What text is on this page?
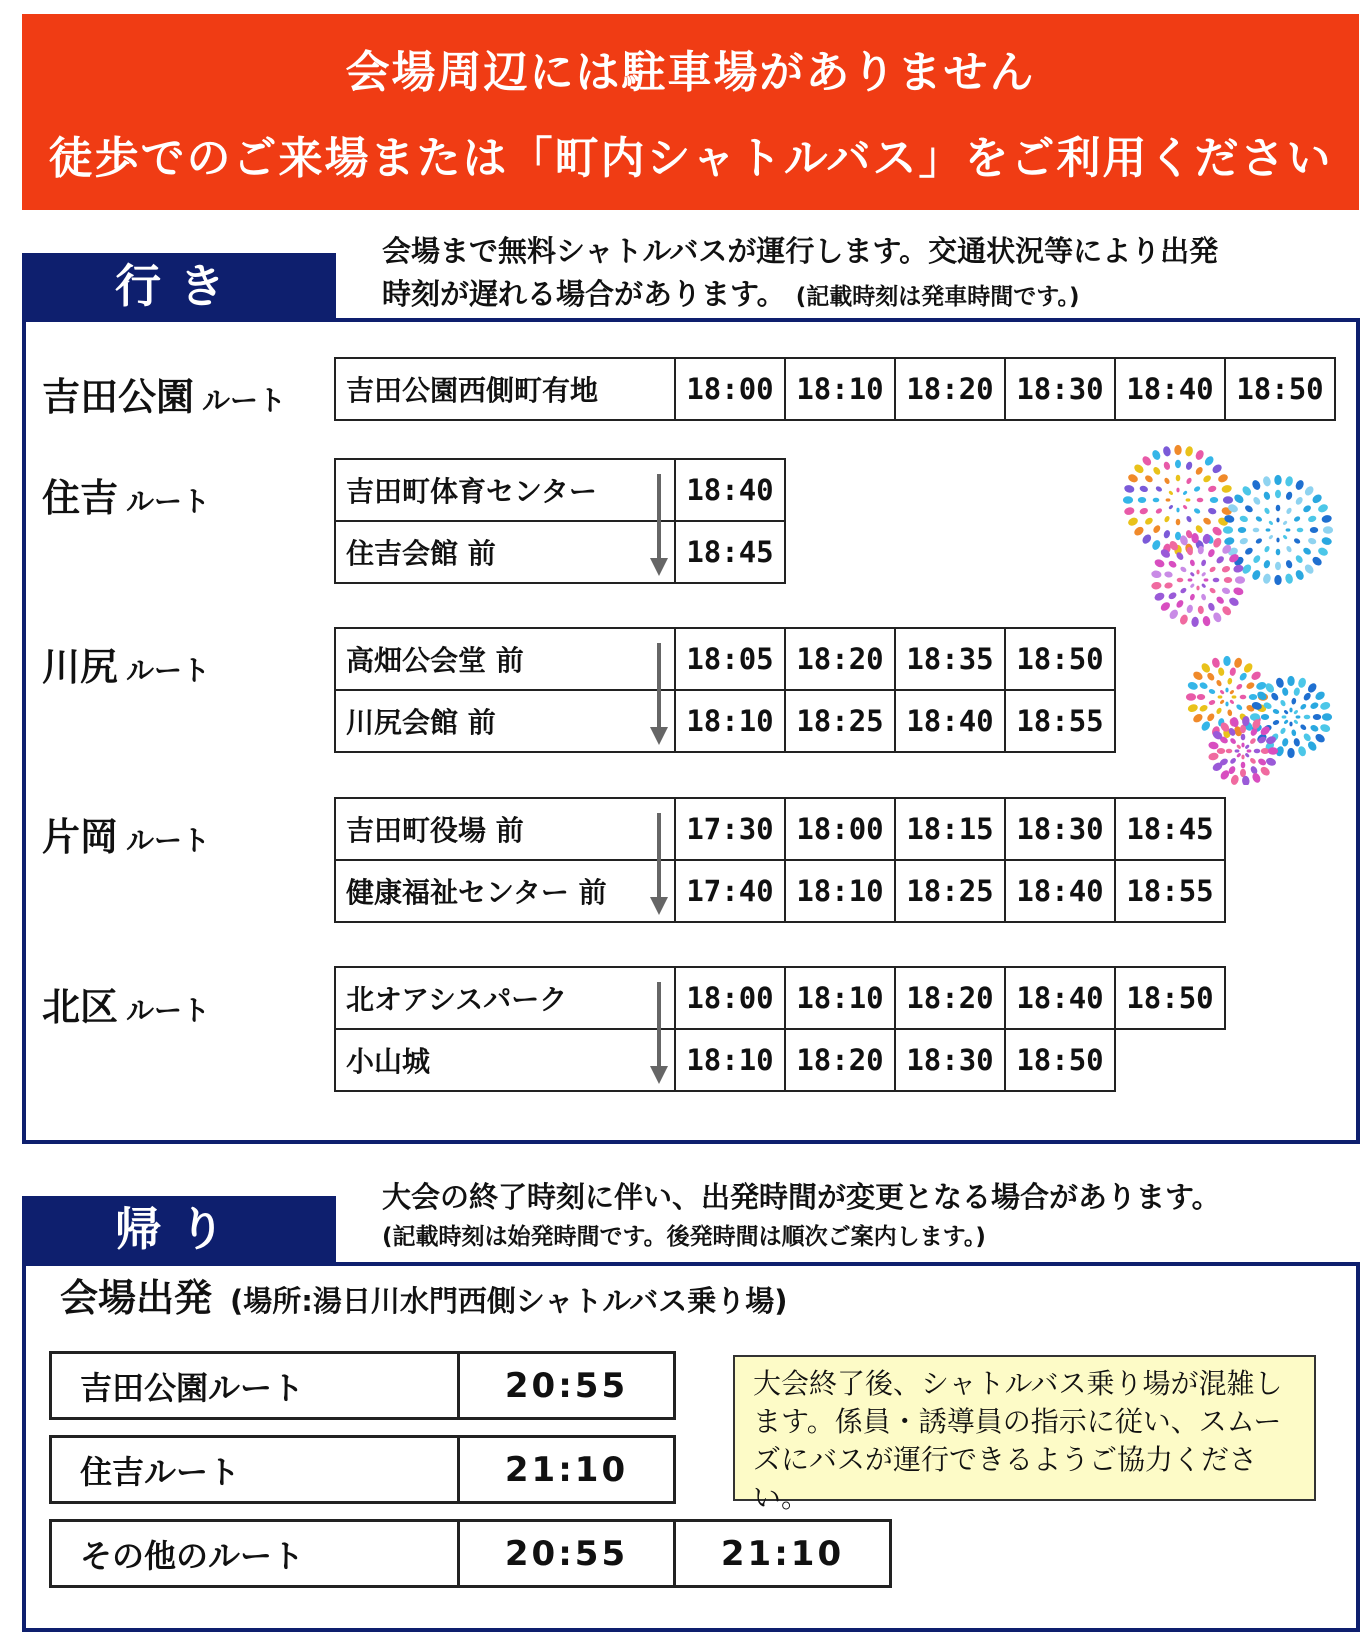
会場周辺には駐車場がありません
徒歩でのご来場または「町内シャトルバス」をご利用ください
行き
会場まで無料シャトルバスが運行します。交通状況等により出発
時刻が遅れる場合があります。 (記載時刻は発車時間です。)
吉田公園 ルート
住吉 ルート
川尻 ルート
片岡 ルート
北区 ルート
吉田公園西側町有地	18:00	18:10	18:20	18:30	18:40	18:50
吉田町体育センター	18:40
住吉会館 前	18:45
高畑公会堂 前	18:05	18:20	18:35	18:50
川尻会館 前	18:10	18:25	18:40	18:55
吉田町役場 前	17:30	18:00	18:15	18:30	18:45
健康福祉センター 前	17:40	18:10	18:25	18:40	18:55
北オアシスパーク	18:00	18:10	18:20	18:40	18:50
小山城	18:10	18:20	18:30	18:50	
帰り
大会の終了時刻に伴い、出発時間が変更となる場合があります。
(記載時刻は始発時間です。後発時間は順次ご案内します。)
会場出発 (場所:湯日川水門西側シャトルバス乗り場)
吉田公園ルート	20:55
住吉ルート	21:10
その他のルート	20:55	21:10
大会終了後、シャトルバス乗り場が混雑します。係員・誘導員の指示に従い、スムーズにバスが運行できるようご協力ください。
